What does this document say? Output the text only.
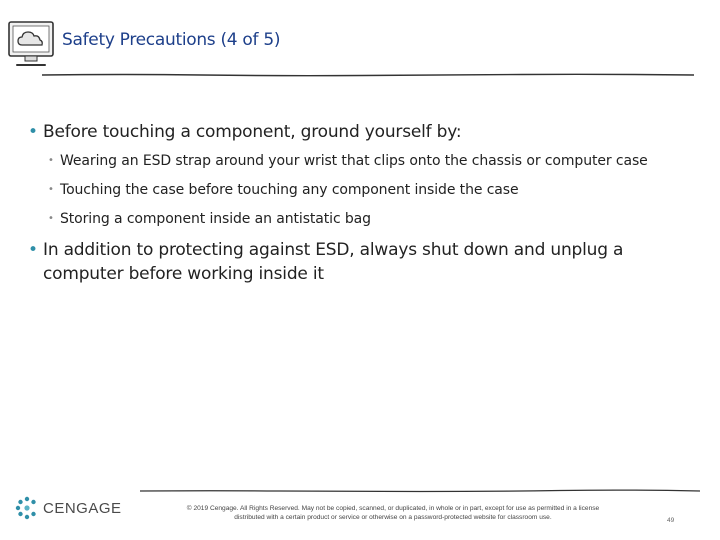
Safety Precautions (4 of 5)
• Before touching a component, ground yourself by:
• Wearing an ESD strap around your wrist that clips onto the chassis or computer case
• Touching the case before touching any component inside the case
• Storing a component inside an antistatic bag
• In addition to protecting against ESD, always shut down and unplug a computer before working inside it
CENGAGE	© 2019 Cengage. All Rights Reserved. May not be copied, scanned, or duplicated, in whole or in part, except for use as permitted in a license
distributed with a certain product or service or otherwise on a password-protected website for classroom use.	49
